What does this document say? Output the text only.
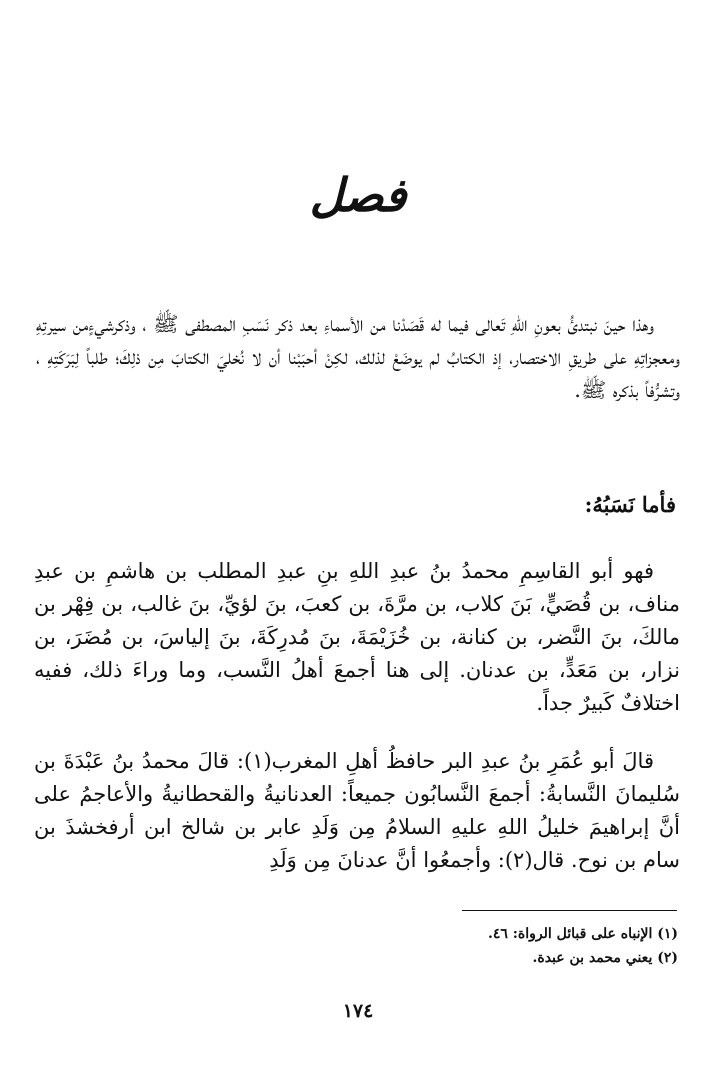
فصل

وهذا حينَ نبتدئُ بعونِ اللهِ تَعالى فيما له قَصَدْنا من الأسماءِ بعد ذكر نَسَبِ المصطفى ﷺ ، وذكرشيءٍمن سيرتِهِ ومعجزاتِهِ على طريقِ الاختصار، إذ الكتابُ لم يوضَعْ لذلك، لكِنْ أحبَبْنا أن لا نُخليَ الكتابَ مِن ذلِكَ؛ طلباً لِبَرَكَتِهِ ، وتشرُّفاً بذكره ﷺ.

فأما نَسَبُهُ:

فهو أبو القاسِمِ محمدُ بنُ عبدِ اللهِ بنِ عبدِ المطلب بن هاشمِ بن عبدِ مناف، بن قُصَيٍّ، بَنَ كلاب، بن مرَّةَ، بن كعبَ، بنَ لؤيِّ، بنَ غالب، بن فِهْر بن مالكَ، بنَ النَّضر، بن كنانة، بن خُزَيْمَةَ، بنَ مُدرِكَةَ، بنَ إلياسَ، بن مُضَرَ، بن نزار، بن مَعَدٍّ، بن عدنان. إلى هنا أجمعَ أهلُ النَّسب، وما وراءَ ذلك، ففيه اختلافٌ كَبيرٌ جداً.

قالَ أبو عُمَرِ بنُ عبدِ البر حافظُ أهلِ المغرب(١): قالَ محمدُ بنُ عَبْدَةَ بن سُليمانَ النَّسابةُ: أجمعَ النَّسابُون جميعاً: العدنانيةُ والقحطانيةُ والأعاجمُ على أنَّ إبراهيمَ خليلُ اللهِ عليهِ السلامُ مِن وَلَدِ عابر بن شالخ ابن أرفخشذَ بن سام بن نوح. قال(٢): وأجمعُوا أنَّ عدنانَ مِن وَلَدِ

(١) الإنباه على قبائل الرواة: ٤٦.

(٢) يعني محمد بن عبدة.

١٧٤
